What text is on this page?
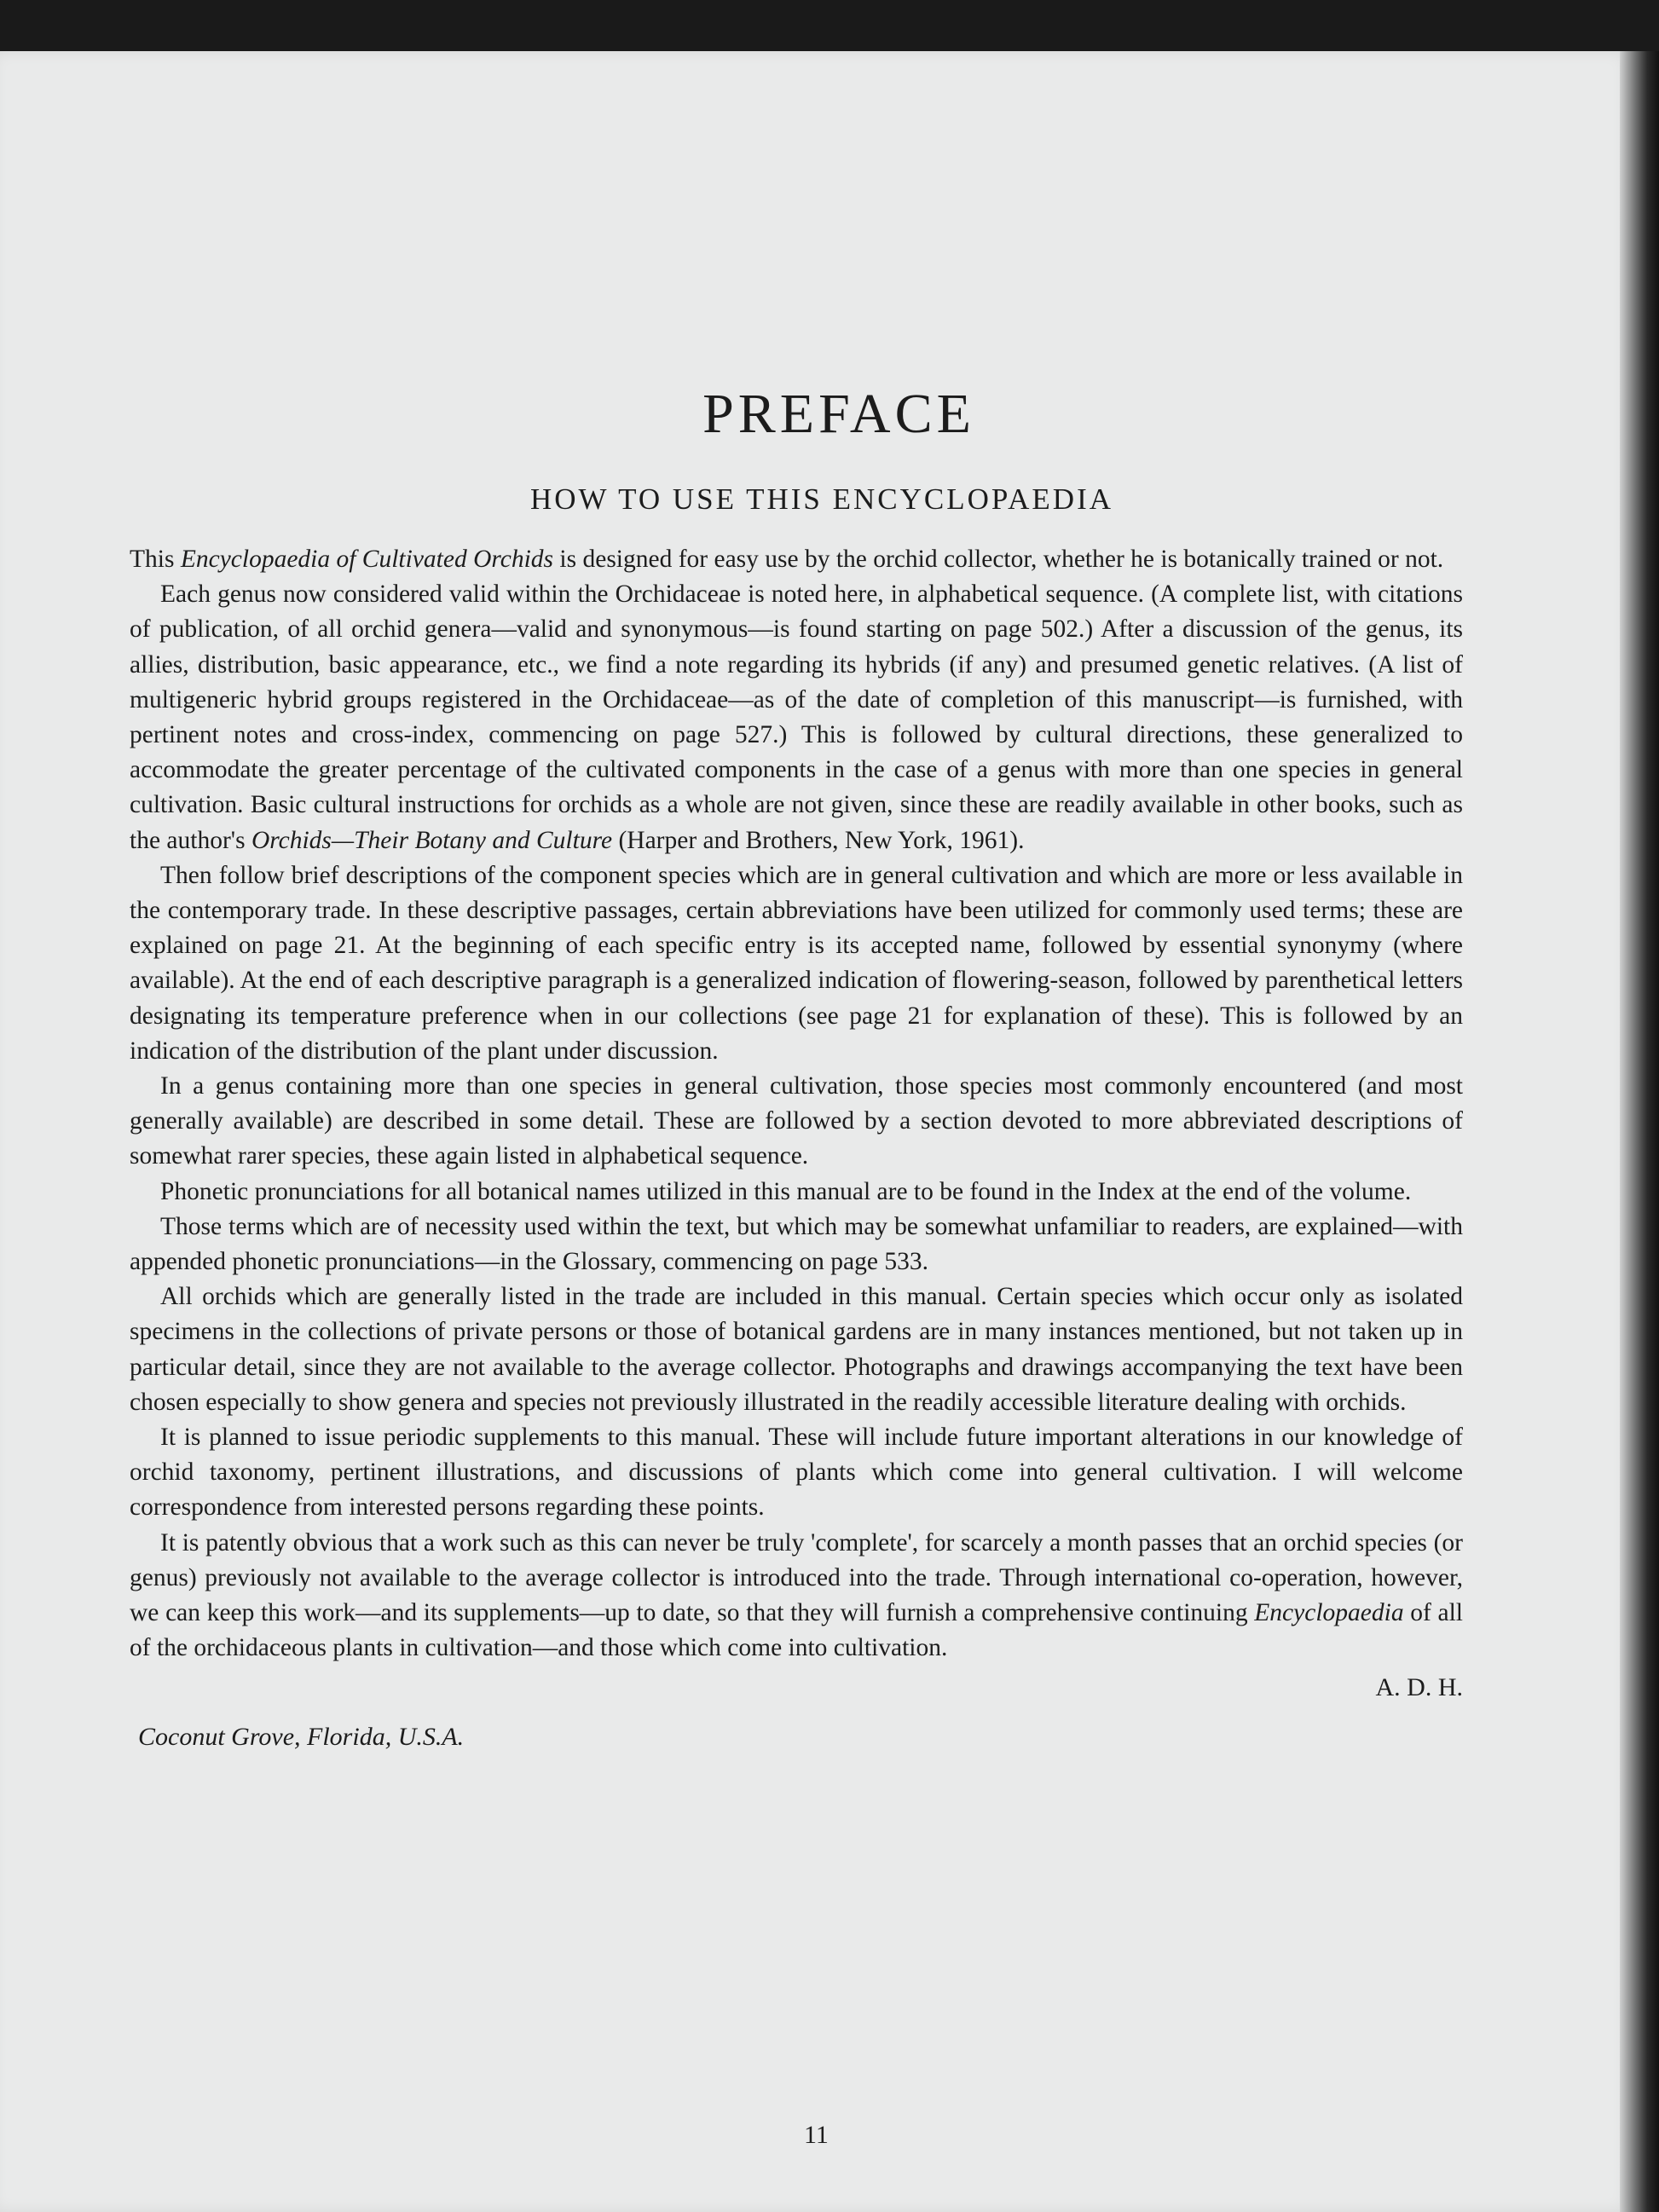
PREFACE
HOW TO USE THIS ENCYCLOPAEDIA

This Encyclopaedia of Cultivated Orchids is designed for easy use by the orchid collector, whether he is botanically trained or not.

Each genus now considered valid within the Orchidaceae is noted here, in alphabetical sequence. (A complete list, with citations of publication, of all orchid genera—valid and synonymous—is found starting on page 502.) After a discussion of the genus, its allies, distribution, basic appearance, etc., we find a note regarding its hybrids (if any) and presumed genetic relatives. (A list of multigeneric hybrid groups registered in the Orchidaceae—as of the date of completion of this manuscript—is furnished, with pertinent notes and cross-index, commencing on page 527.) This is followed by cultural directions, these generalized to accommodate the greater percentage of the cultivated components in the case of a genus with more than one species in general cultivation. Basic cultural instructions for orchids as a whole are not given, since these are readily available in other books, such as the author's Orchids—Their Botany and Culture (Harper and Brothers, New York, 1961).

Then follow brief descriptions of the component species which are in general cultivation and which are more or less available in the contemporary trade. In these descriptive passages, certain abbreviations have been utilized for commonly used terms; these are explained on page 21. At the beginning of each specific entry is its accepted name, followed by essential synonymy (where available). At the end of each descriptive paragraph is a generalized indication of flowering-season, followed by parenthetical letters designating its temperature preference when in our collections (see page 21 for explanation of these). This is followed by an indication of the distribution of the plant under discussion.

In a genus containing more than one species in general cultivation, those species most commonly encountered (and most generally available) are described in some detail. These are followed by a section devoted to more abbreviated descriptions of somewhat rarer species, these again listed in alphabetical sequence.

Phonetic pronunciations for all botanical names utilized in this manual are to be found in the Index at the end of the volume.

Those terms which are of necessity used within the text, but which may be somewhat unfamiliar to readers, are explained—with appended phonetic pronunciations—in the Glossary, commencing on page 533.

All orchids which are generally listed in the trade are included in this manual. Certain species which occur only as isolated specimens in the collections of private persons or those of botanical gardens are in many instances mentioned, but not taken up in particular detail, since they are not available to the average collector. Photographs and drawings accompanying the text have been chosen especially to show genera and species not previously illustrated in the readily accessible literature dealing with orchids.

It is planned to issue periodic supplements to this manual. These will include future important alterations in our knowledge of orchid taxonomy, pertinent illustrations, and discussions of plants which come into general cultivation. I will welcome correspondence from interested persons regarding these points.

It is patently obvious that a work such as this can never be truly 'complete', for scarcely a month passes that an orchid species (or genus) previously not available to the average collector is introduced into the trade. Through international co-operation, however, we can keep this work—and its supplements—up to date, so that they will furnish a comprehensive continuing Encyclopaedia of all of the orchidaceous plants in cultivation—and those which come into cultivation.

A. D. H.
Coconut Grove, Florida, U.S.A.
11
